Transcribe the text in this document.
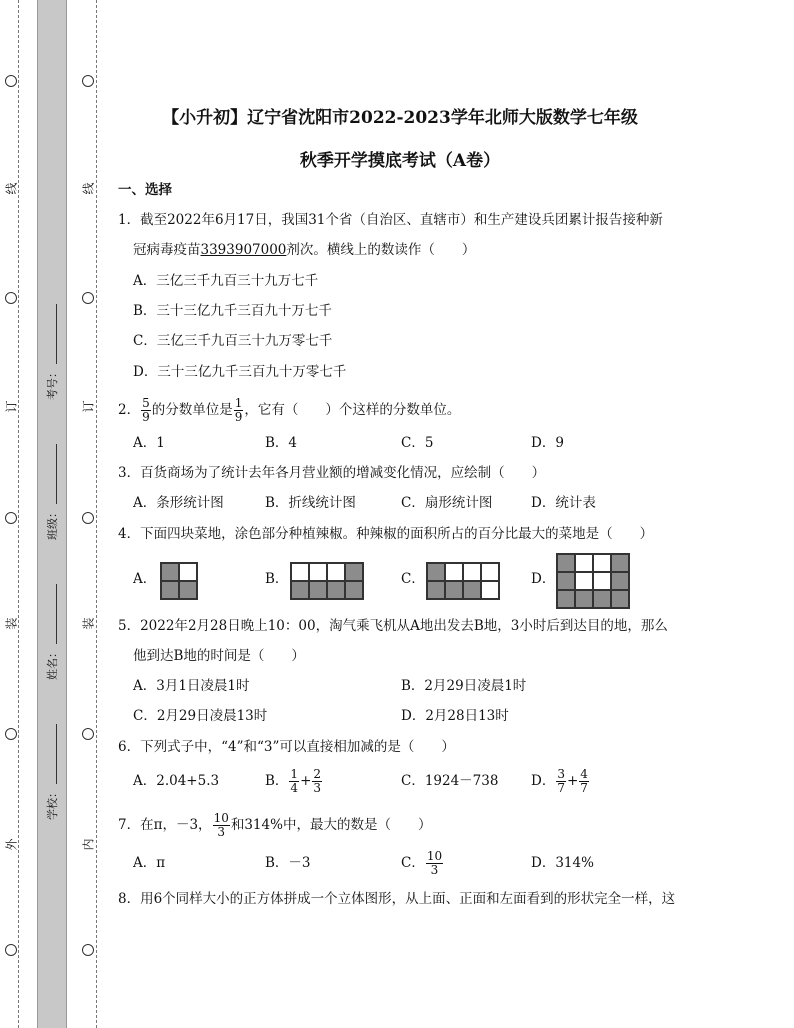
线
订
装
外
线
订
装
内
考号：
班级：
姓名：
学校：
【小升初】辽宁省沈阳市2022-2023学年北师大版数学七年级
秋季开学摸底考试（A卷）
一、选择
1．截至2022年6月17日，我国31个省（自治区、直辖市）和生产建设兵团累计报告接种新
冠病毒疫苗3393907000剂次。横线上的数读作（　　）
A．三亿三千九百三十九万七千
B．三十三亿九千三百九十万七千
C．三亿三千九百三十九万零七千
D．三十三亿九千三百九十万零七千
2． $\frac{5}{9}$ 的分数单位是 $\frac{1}{9}$ ，它有（　　）个这样的分数单位。
A．1	B．4	C．5	D．9
3．百货商场为了统计去年各月营业额的增减变化情况，应绘制（　　）
A．条形统计图	B．折线统计图	C．扇形统计图	D．统计表
4．下面四块菜地，涂色部分种植辣椒。种辣椒的面积所占的百分比最大的菜地是（　　）
A．	B．	C．	D．
5．2022年2月28日晚上10：00，淘气乘飞机从A地出发去B地，3小时后到达目的地，那么
他到达B地的时间是（　　）
A．3月1日凌晨1时	B．2月29日凌晨1时
C．2月29日凌晨13时	D．2月28日13时
6．下列式子中，“4”和“3”可以直接相加减的是（　　）
A．2.04+5.3	B． $\frac{1}{4} + \frac{2}{3}$	C．1924－738 D． $\frac{3}{7} + \frac{4}{7}$
7．在π，－3， $\frac{10}{3}$ 和314%中，最大的数是（　　）
A．π	B．－3	C． $\frac{10}{3}$	D．314%
8．用6个同样大小的正方体拼成一个立体图形，从上面、正面和左面看到的形状完全一样，这
